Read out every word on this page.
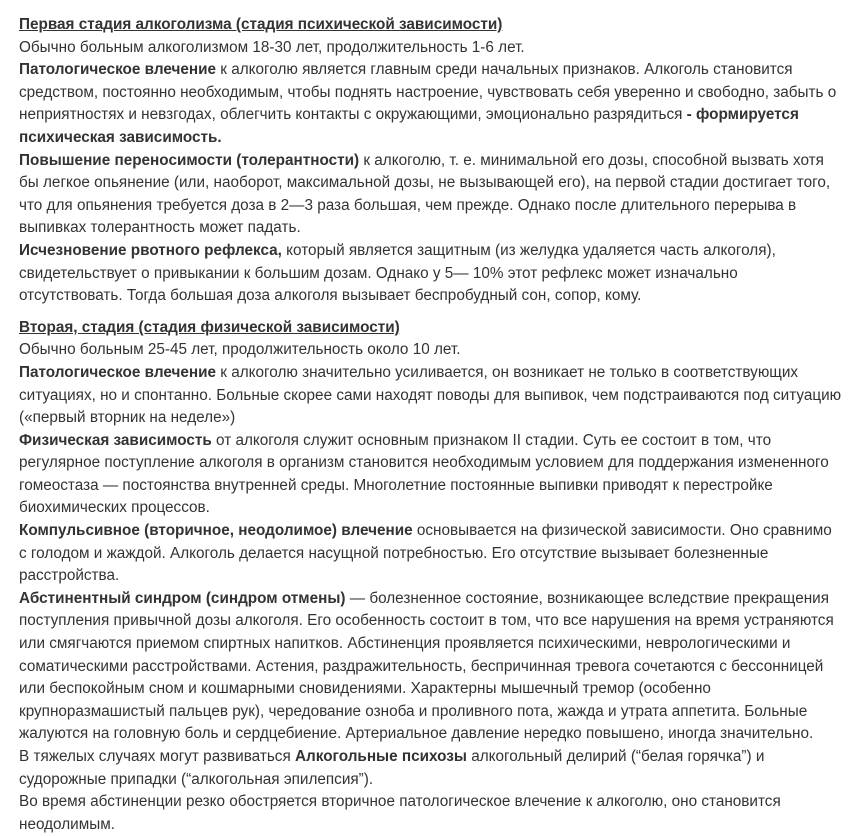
Первая стадия алкоголизма (стадия психической зависимости)
Обычно больным алкоголизмом 18-30 лет, продолжительность 1-6 лет.
Патологическое влечение к алкоголю является главным среди начальных признаков. Алкоголь становится
средством, постоянно необходимым, чтобы поднять настроение, чувствовать себя уверенно и свободно, забыть о
неприятностях и невзгодах, облегчить контакты с окружающими, эмоционально разрядиться - формируется
психическая зависимость.
Повышение переносимости (толерантности) к алкоголю, т. е. минимальной его дозы, способной вызвать хотя
бы легкое опьянение (или, наоборот, максимальной дозы, не вызывающей его), на первой стадии достигает того,
что для опьянения требуется доза в 2—3 раза большая, чем прежде. Однако после длительного перерыва в
выпивках толерантность может падать.
Исчезновение рвотного рефлекса, который является защитным (из желудка удаляется часть алкоголя),
свидетельствует о привыкании к большим дозам. Однако у 5— 10% этот рефлекс может изначально
отсутствовать. Тогда большая доза алкоголя вызывает беспробудный сон, сопор, кому.
Вторая, стадия (стадия физической зависимости)
Обычно больным 25-45 лет, продолжительность около 10 лет.
Патологическое влечение к алкоголю значительно усиливается, он возникает не только в соответствующих
ситуациях, но и спонтанно. Больные скорее сами находят поводы для выпивок, чем подстраиваются под ситуацию
(«первый вторник на неделе»)
Физическая зависимость от алкоголя служит основным признаком II стадии. Суть ее состоит в том, что
регулярное поступление алкоголя в организм становится необходимым условием для поддержания измененного
гомеостаза — постоянства внутренней среды. Многолетние постоянные выпивки приводят к перестройке
биохимических процессов.
Компульсивное (вторичное, неодолимое) влечение основывается на физической зависимости. Оно сравнимо
с голодом и жаждой. Алкоголь делается насущной потребностью. Его отсутствие вызывает болезненные
расстройства.
Абстинентный синдром (синдром отмены) — болезненное состояние, возникающее вследствие прекращения
поступления привычной дозы алкоголя. Его особенность состоит в том, что все нарушения на время устраняются
или смягчаются приемом спиртных напитков. Абстиненция проявляется психическими, неврологическими и
соматическими расстройствами. Астения, раздражительность, беспричинная тревога сочетаются с бессонницей
или беспокойным сном и кошмарными сновидениями. Характерны мышечный тремор (особенно
крупноразмашистый пальцев рук), чередование озноба и проливного пота, жажда и утрата аппетита. Больные
жалуются на головную боль и сердцебиение. Артериальное давление нередко повышено, иногда значительно.
В тяжелых случаях могут развиваться Алкогольные психозы алкогольный делирий (“белая горячка”) и
судорожные припадки (“алкогольная эпилепсия”).
Во время абстиненции резко обостряется вторичное патологическое влечение к алкоголю, оно становится
неодолимым.
